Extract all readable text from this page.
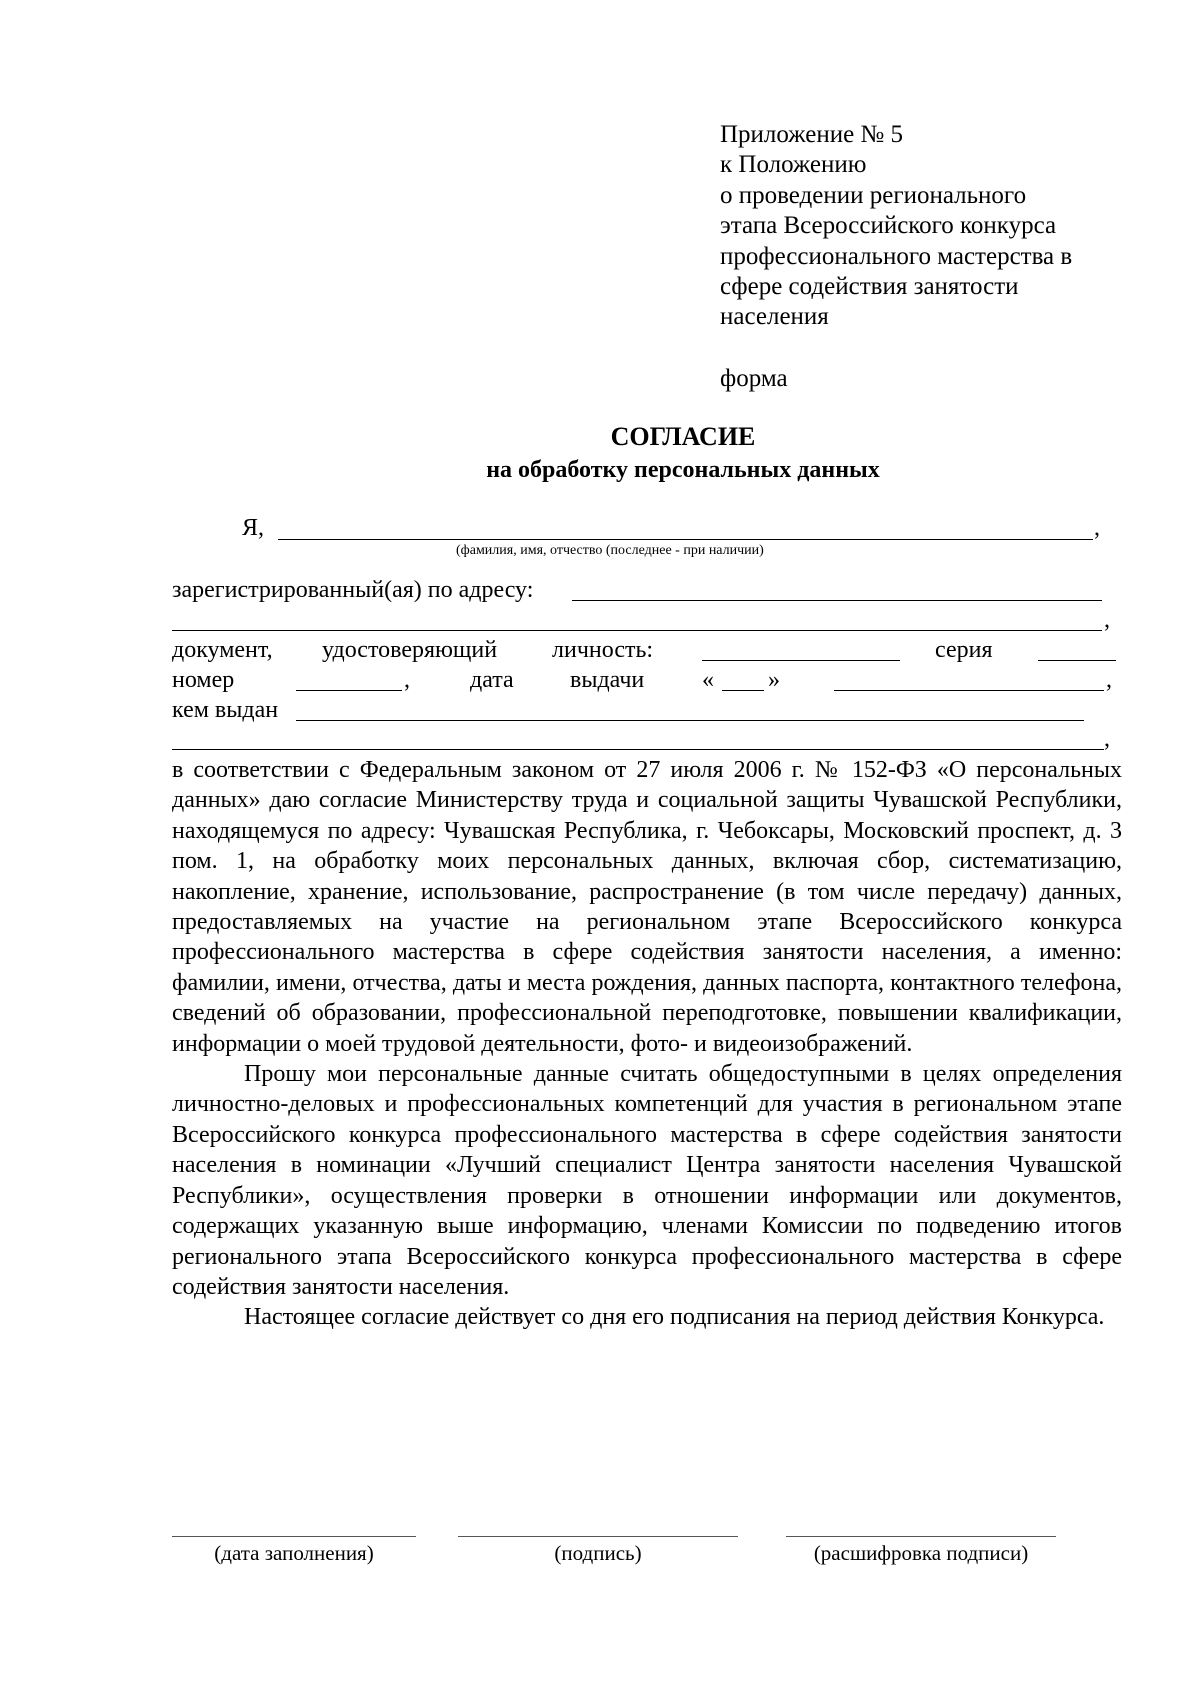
Приложение № 5
к Положению
о проведении регионального
этапа Всероссийского конкурса
профессионального мастерства в
сфере содействия занятости
населения
форма
СОГЛАСИЕ
на обработку персональных данных
Я,	,
(фамилия, имя, отчество (последнее - при наличии)
зарегистрированный(ая) по адресу:
,
документ, удостоверяющий личность:	серия
номер	,	дата выдачи « »	,
кем выдан
,

в соответствии с Федеральным законом от 27 июля 2006 г. № 152-ФЗ «О персональных данных» даю согласие Министерству труда и социальной защиты Чувашской Республики, находящемуся по адресу: Чувашская Республика, г. Чебоксары, Московский проспект, д. 3 пом. 1, на обработку моих персональных данных, включая сбор, систематизацию, накопление, хранение, использование, распространение (в том числе передачу) данных, предоставляемых на участие на региональном этапе Всероссийского конкурса профессионального мастерства в сфере содействия занятости населения, а именно: фамилии, имени, отчества, даты и места рождения, данных паспорта, контактного телефона, сведений об образовании, профессиональной переподготовке, повышении квалификации, информации о моей трудовой деятельности, фото- и видеоизображений.

Прошу мои персональные данные считать общедоступными в целях определения личностно-деловых и профессиональных компетенций для участия в региональном этапе Всероссийского конкурса профессионального мастерства в сфере содействия занятости населения в номинации «Лучший специалист Центра занятости населения Чувашской Республики», осуществления проверки в отношении информации или документов, содержащих указанную выше информацию, членами Комиссии по подведению итогов регионального этапа Всероссийского конкурса профессионального мастерства в сфере содействия занятости населения.

Настоящее согласие действует со дня его подписания на период действия Конкурса.

(дата заполнения)	(подпись)	(расшифровка подписи)
